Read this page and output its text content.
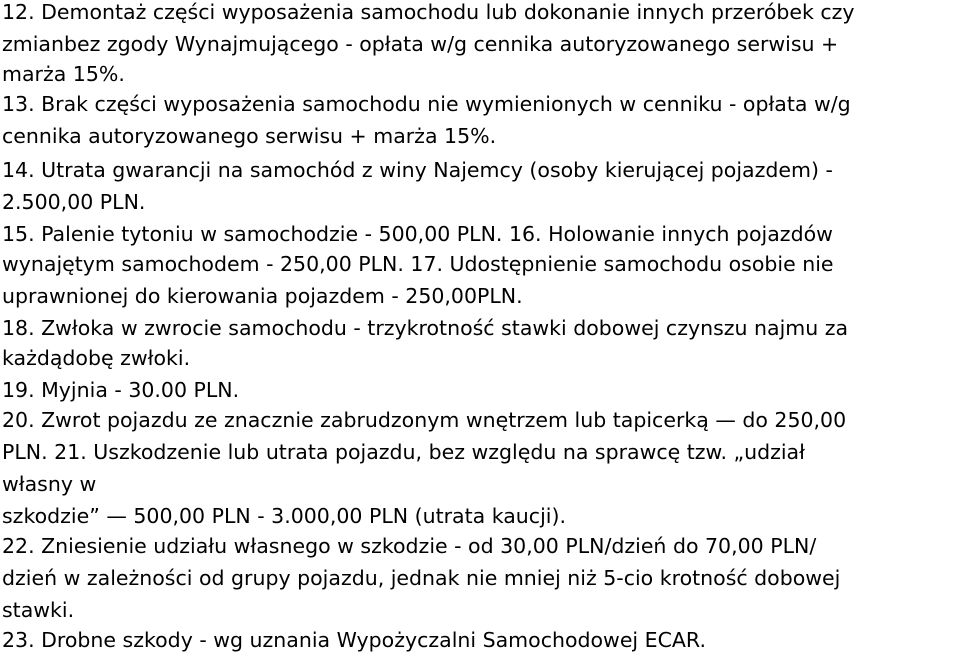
12. Demontaż części wyposażenia samochodu lub dokonanie innych przeróbek czy
zmianbez zgody Wynajmującego - opłata w/g cennika autoryzowanego serwisu +
marża 15%.
13. Brak części wyposażenia samochodu nie wymienionych w cenniku - opłata w/g
cennika autoryzowanego serwisu + marża 15%.
14. Utrata gwarancji na samochód z winy Najemcy (osoby kierującej pojazdem) -
2.500,00 PLN.
15. Palenie tytoniu w samochodzie - 500,00 PLN. 16. Holowanie innych pojazdów
wynajętym samochodem - 250,00 PLN. 17. Udostępnienie samochodu osobie nie
uprawnionej do kierowania pojazdem - 250,00PLN.
18. Zwłoka w zwrocie samochodu - trzykrotność stawki dobowej czynszu najmu za
każdądobę zwłoki.
19. Myjnia - 30.00 PLN.
20. Zwrot pojazdu ze znacznie zabrudzonym wnętrzem lub tapicerką — do 250,00
PLN. 21. Uszkodzenie lub utrata pojazdu, bez względu na sprawcę tzw. „udział
własny w
szkodzie” — 500,00 PLN - 3.000,00 PLN (utrata kaucji).
22. Zniesienie udziału własnego w szkodzie - od 30,00 PLN/dzień do 70,00 PLN/
dzień w zależności od grupy pojazdu, jednak nie mniej niż 5-cio krotność dobowej
stawki.
23. Drobne szkody - wg uznania Wypożyczalni Samochodowej ECAR.
